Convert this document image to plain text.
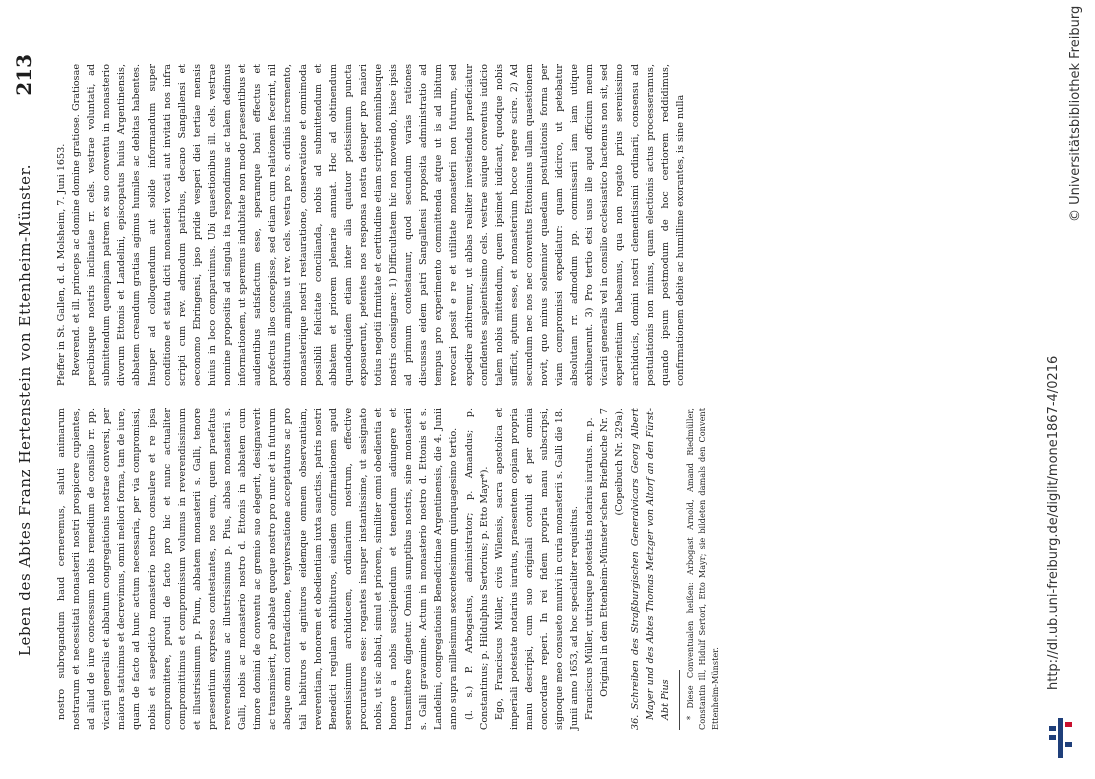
Leben des Abtes Franz Hertenstein von Ettenheim-Münster.
213

nostro subrogandum haud cerneremus, saluti animarum nostrarum et necessitati monasterii nostri prospicere cupientes, ad aliud de iure concessum nobis remedium de consilio rr. pp. vicarii generalis et abbatum congregationis nostrae conversi, per maiora statuimus et decrevimus, omni meliori forma, tam de iure, quam de facto ad hunc actum necessaria, per via compromissi, nobis et saepedicto monasterio nostro consulere et re ipsa compromittere, prouti de facto pro hic et nunc actualiter compromittimus et compromissum volumus in reverendissimum et illustrissimum p. Pium, abbatem monasterii s. Galli, tenore praesentium expresso contestantes, nos eum, quem praefatus reverendissimus ac illustrissimus p. Pius, abbas monasterii s. Galli, nobis ac monasterio nostro d. Ettonis in abbatem cum timore domini de conventu ac gremio suo elegerit, designaverit ac transmiserit, pro abbate quoque nostro pro nunc et in futurum absque omni contradictione, tergiversatione acceptaturos ac pro tali habituros et agnituros eidemque omnem observantiam, reverentiam, honorem et obedientiam iuxta sanctiss. patris nostri Benedicti regulam exhibituros, eiusdem confirmationem apud serenissimum archiducem, ordinarium nostrum, effective procuraturos esse: rogantes insuper instantissime, ut assignato nobis, ut sic abbati, simul et priorem, similiter omni obedientia et honore a nobis suscipiendum et tenendum adiungere et transmittere dignetur. Omnia sumptibus nostris, sine monasterii s. Galli gravamine. Actum in monasterio nostro d. Ettonis et s. Landelini, congregationis Benedictinae Argentinensis, die 4. Junii anno supra millesimum sexcentesimum quinquagesimo tertio. (l. s.) P. Arbogastus, administrator; p. Amandus; p. Constantinus; p. Hildulphus Sertorius; p. Etto Mayr*). Ego, Franciscus Müller, civis Wilensis, sacra apostolica et imperiali potestate notarius iuratus, praesentem copiam propria manu descripsi, cum suo originali contuli et per omnia concordare reperi. In rei fidem propria manu subscripsi, signoque meo consueto munivi in curia monasterii s. Galli die 18. Junii anno 1653, ad hoc specialiter requisitus. Franciscus Müller, utriusque potestatis notarius iuratus. m. p. Original in dem Ettenheim-Münster'schen Briefbuche Nr. 7 (Copeibuch Nr. 329a). 36. Schreiben des Straßburgischen Generalvicars Georg Albert Mayer und des Abtes Thomas Metzger von Altorf an den Fürst-Abt Pius * Diese Conventualen heißen: Arbogast Arnold, Amand Riedmüller, Constantin Ill, Hidulf Sertori, Etto Mayr; sie bildeten damals den Convent Ettenheim-Münster.

Pfeffer in St. Gallen, d. d. Molsheim, 7. Juni 1653. Reverend. et ill. princeps ac domine domine gratiose. Gratiosae precibusque nostris inclinatae rr. cels. vestrae voluntati, ad submittendum quempiam patrem ex suo conventu in monasterio divorum Ettonis et Landelini, episcopatus huius Argentinensis, abbatem creandum gratias agimus humiles ac debitas habentes. Insuper ad colloquendum aut solide informandum super conditione et statu dicti monasterii vocati aut invitati nos infra scripti cum rev. admodum patribus, decano Sangallensi et oeconomo Ebringensi, ipso pridie vesperi diei tertiae mensis huius in loco comparuimus. Ubi quaestionibus ill. cels. vestrae nomine propositis ad singula ita respondimus ac talem dedimus informationem, ut speremus indubitate non modo praesentibus et audientibus satisfactum esse, speramque boni effectus et profectus illos concepisse, sed etiam cum relationem fecerint, nil obstiturum amplius ut rev. cels. vestra pro s. ordinis incremento, monasteriique nostri restauratione, conservatione et omnimoda possibili felicitate concilianda, nobis ad submittendum et abbatem et priorem plenarie annuat. Hoc ad obtinendum quandoquidem etiam inter alia quatuor potissimum puncta exposuerunt, petentes nos responsa nostra desuper pro maiori totius negotii firmitate et certitudine etiam scriptis nominibusque nostris consignare: 1) Difficultatem hic non movendo, hisce ipsis ad primum contestamur, quod secundum varias rationes discussas eidem patri Sangallensi proposita administratio ad tempus pro experimento committenda atque ut is ad libitum revocari possit e re et utilitate monasterii non futurum, sed expedire arbitremur, ut abbas realiter investiendus praeficiatur confidentes sapientissimo cels. vestrae suique conventus iudicio talem nobis mittendum, quem ipsimet iudicant, quodque nobis sufficit, aptum esse, et monasterium hocce regere scire. 2) Ad secundum nec nos nec conventus Ettonianus ullam quaestionem novit, quo minus solemnior quaedam postulationis forma per viam compromissi expediatur: quam idcirco, ut petebatur absolutam rr. admodum pp. commissarii iam iam utique exhibuerunt. 3) Pro tertio etsi usus ille apud officium meum vicarii generalis vel in consilio ecclesiastico hactenus non sit, sed experientiam habeamus, qua non rogato prius serenissimo archiducis, domini nostri clementissimi ordinarii, consensu ad postulationis non minus, quam electionis actus processeramus, quando ipsum postmodum de hoc certiorem reddidimus, confirmationem debite ac humillime exorantes, is sine nulla

http://dl.ub.uni-freiburg.de/diglit/mone1867-4/0216
© Universitätsbibliothek Freiburg
